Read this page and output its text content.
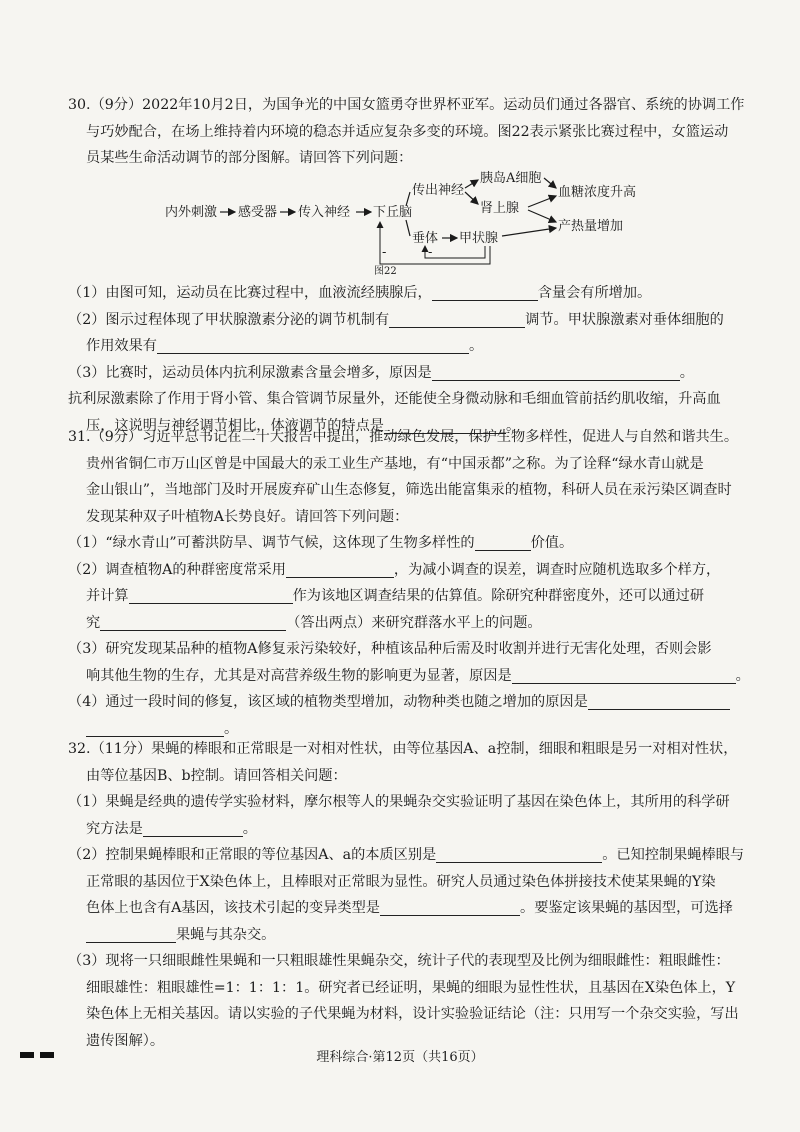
30.（9分）2022年10月2日，为国争光的中国女篮勇夺世界杯亚军。运动员们通过各器官、系统的协调工作

与巧妙配合，在场上维持着内环境的稳态并适应复杂多变的环境。图22表示紧张比赛过程中，女篮运动

员某些生命活动调节的部分图解。请回答下列问题：

内外刺激 感受器 传入神经 下丘脑
传出神经
胰岛A细胞
肾上腺
血糖浓度升高
产热量增加
垂体 甲状腺
-	-
图22

（1）由图可知，运动员在比赛过程中，血液流经胰腺后，	含量会有所增加。

（2）图示过程体现了甲状腺激素分泌的调节机制有	调节。甲状腺激素对垂体细胞的

作用效果有	。

（3）比赛时，运动员体内抗利尿激素含量会增多，原因是	。

抗利尿激素除了作用于肾小管、集合管调节尿量外，还能使全身微动脉和毛细血管前括约肌收缩，升高血

压，这说明与神经调节相比，体液调节的特点是	。

31.（9分）习近平总书记在二十大报告中提出，推动绿色发展，保护生物多样性，促进人与自然和谐共生。

贵州省铜仁市万山区曾是中国最大的汞工业生产基地，有“中国汞都”之称。为了诠释“绿水青山就是

金山银山”，当地部门及时开展废弃矿山生态修复，筛选出能富集汞的植物，科研人员在汞污染区调查时

发现某种双子叶植物A长势良好。请回答下列问题：

（1）“绿水青山”可蓄洪防旱、调节气候，这体现了生物多样性的	价值。

（2）调查植物A的种群密度常采用	，为减小调查的误差，调查时应随机选取多个样方，

并计算	作为该地区调查结果的估算值。除研究种群密度外，还可以通过研

究	（答出两点）来研究群落水平上的问题。

（3）研究发现某品种的植物A修复汞污染较好，种植该品种后需及时收割并进行无害化处理，否则会影

响其他生物的生存，尤其是对高营养级生物的影响更为显著，原因是	。

（4）通过一段时间的修复，该区域的植物类型增加，动物种类也随之增加的原因是

。

32.（11分）果蝇的棒眼和正常眼是一对相对性状，由等位基因A、a控制，细眼和粗眼是另一对相对性状，

由等位基因B、b控制。请回答相关问题：

（1）果蝇是经典的遗传学实验材料，摩尔根等人的果蝇杂交实验证明了基因在染色体上，其所用的科学研

究方法是	。

（2）控制果蝇棒眼和正常眼的等位基因A、a的本质区别是	。已知控制果蝇棒眼与

正常眼的基因位于X染色体上，且棒眼对正常眼为显性。研究人员通过染色体拼接技术使某果蝇的Y染

色体上也含有A基因，该技术引起的变异类型是	。要鉴定该果蝇的基因型，可选择

果蝇与其杂交。

（3）现将一只细眼雌性果蝇和一只粗眼雄性果蝇杂交，统计子代的表现型及比例为细眼雌性：粗眼雌性：

细眼雄性：粗眼雄性=1：1：1：1。研究者已经证明，果蝇的细眼为显性性状，且基因在X染色体上，Y

染色体上无相关基因。请以实验的子代果蝇为材料，设计实验验证结论（注：只用写一个杂交实验，写出

遗传图解）。

理科综合·第12页（共16页）
